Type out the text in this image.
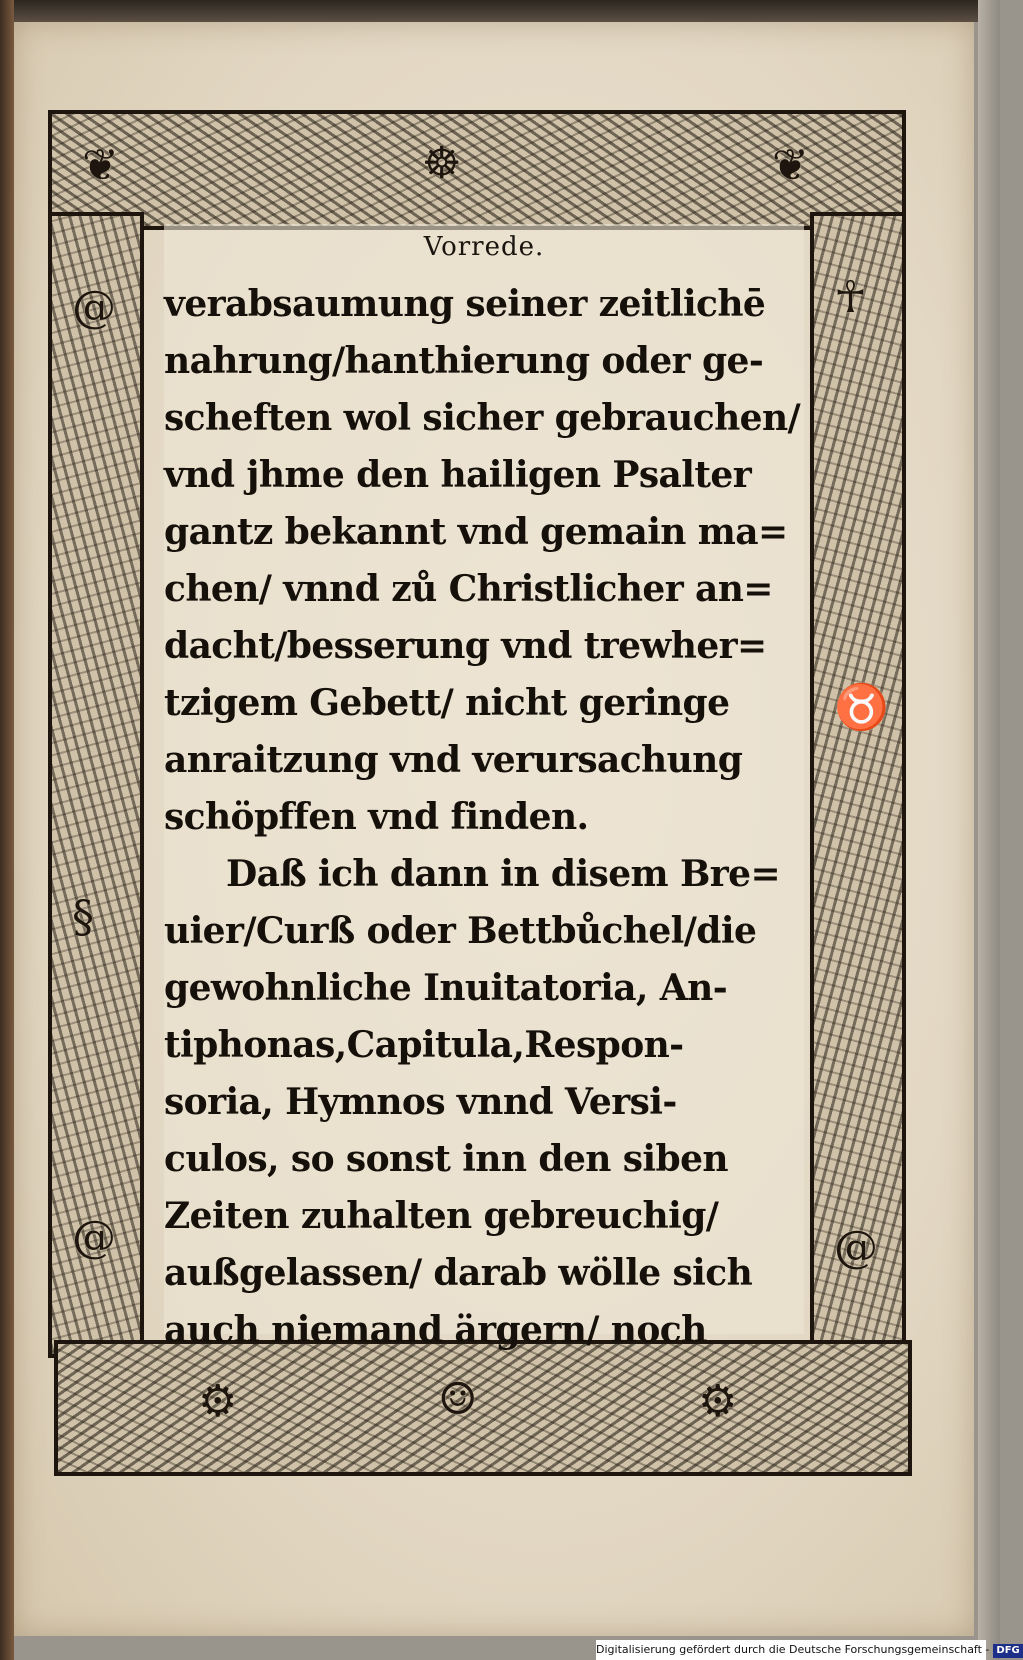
❦	☸	❦
@
§
@
☥
♉
@
⚙	☺	⚙
Vorrede.
verabsaumung seiner zeitlichē
nahrung/hanthierung oder ge-
scheften wol sicher gebrauchen/
vnd jhme den hailigen Psalter
gantz bekannt vnd gemain ma=
chen/ vnnd zů Christlicher an=
dacht/besserung vnd trewher=
tzigem Gebett/ nicht geringe
anraitzung vnd verursachung
schöpffen vnd finden.
Daß ich dann in disem Bre=
uier/Curß oder Bettbůchel/die
gewohnliche Inuitatoria, An-
tiphonas,Capitula,Respon-
soria, Hymnos vnnd Versi-
culos, so sonst inn den siben
Zeiten zuhalten gebreuchig/
außgelassen/ darab wölle sich
auch niemand ärgern/ noch
Digitalisierung gefördert durch die Deutsche Forschungsgemeinschaft - DFG
